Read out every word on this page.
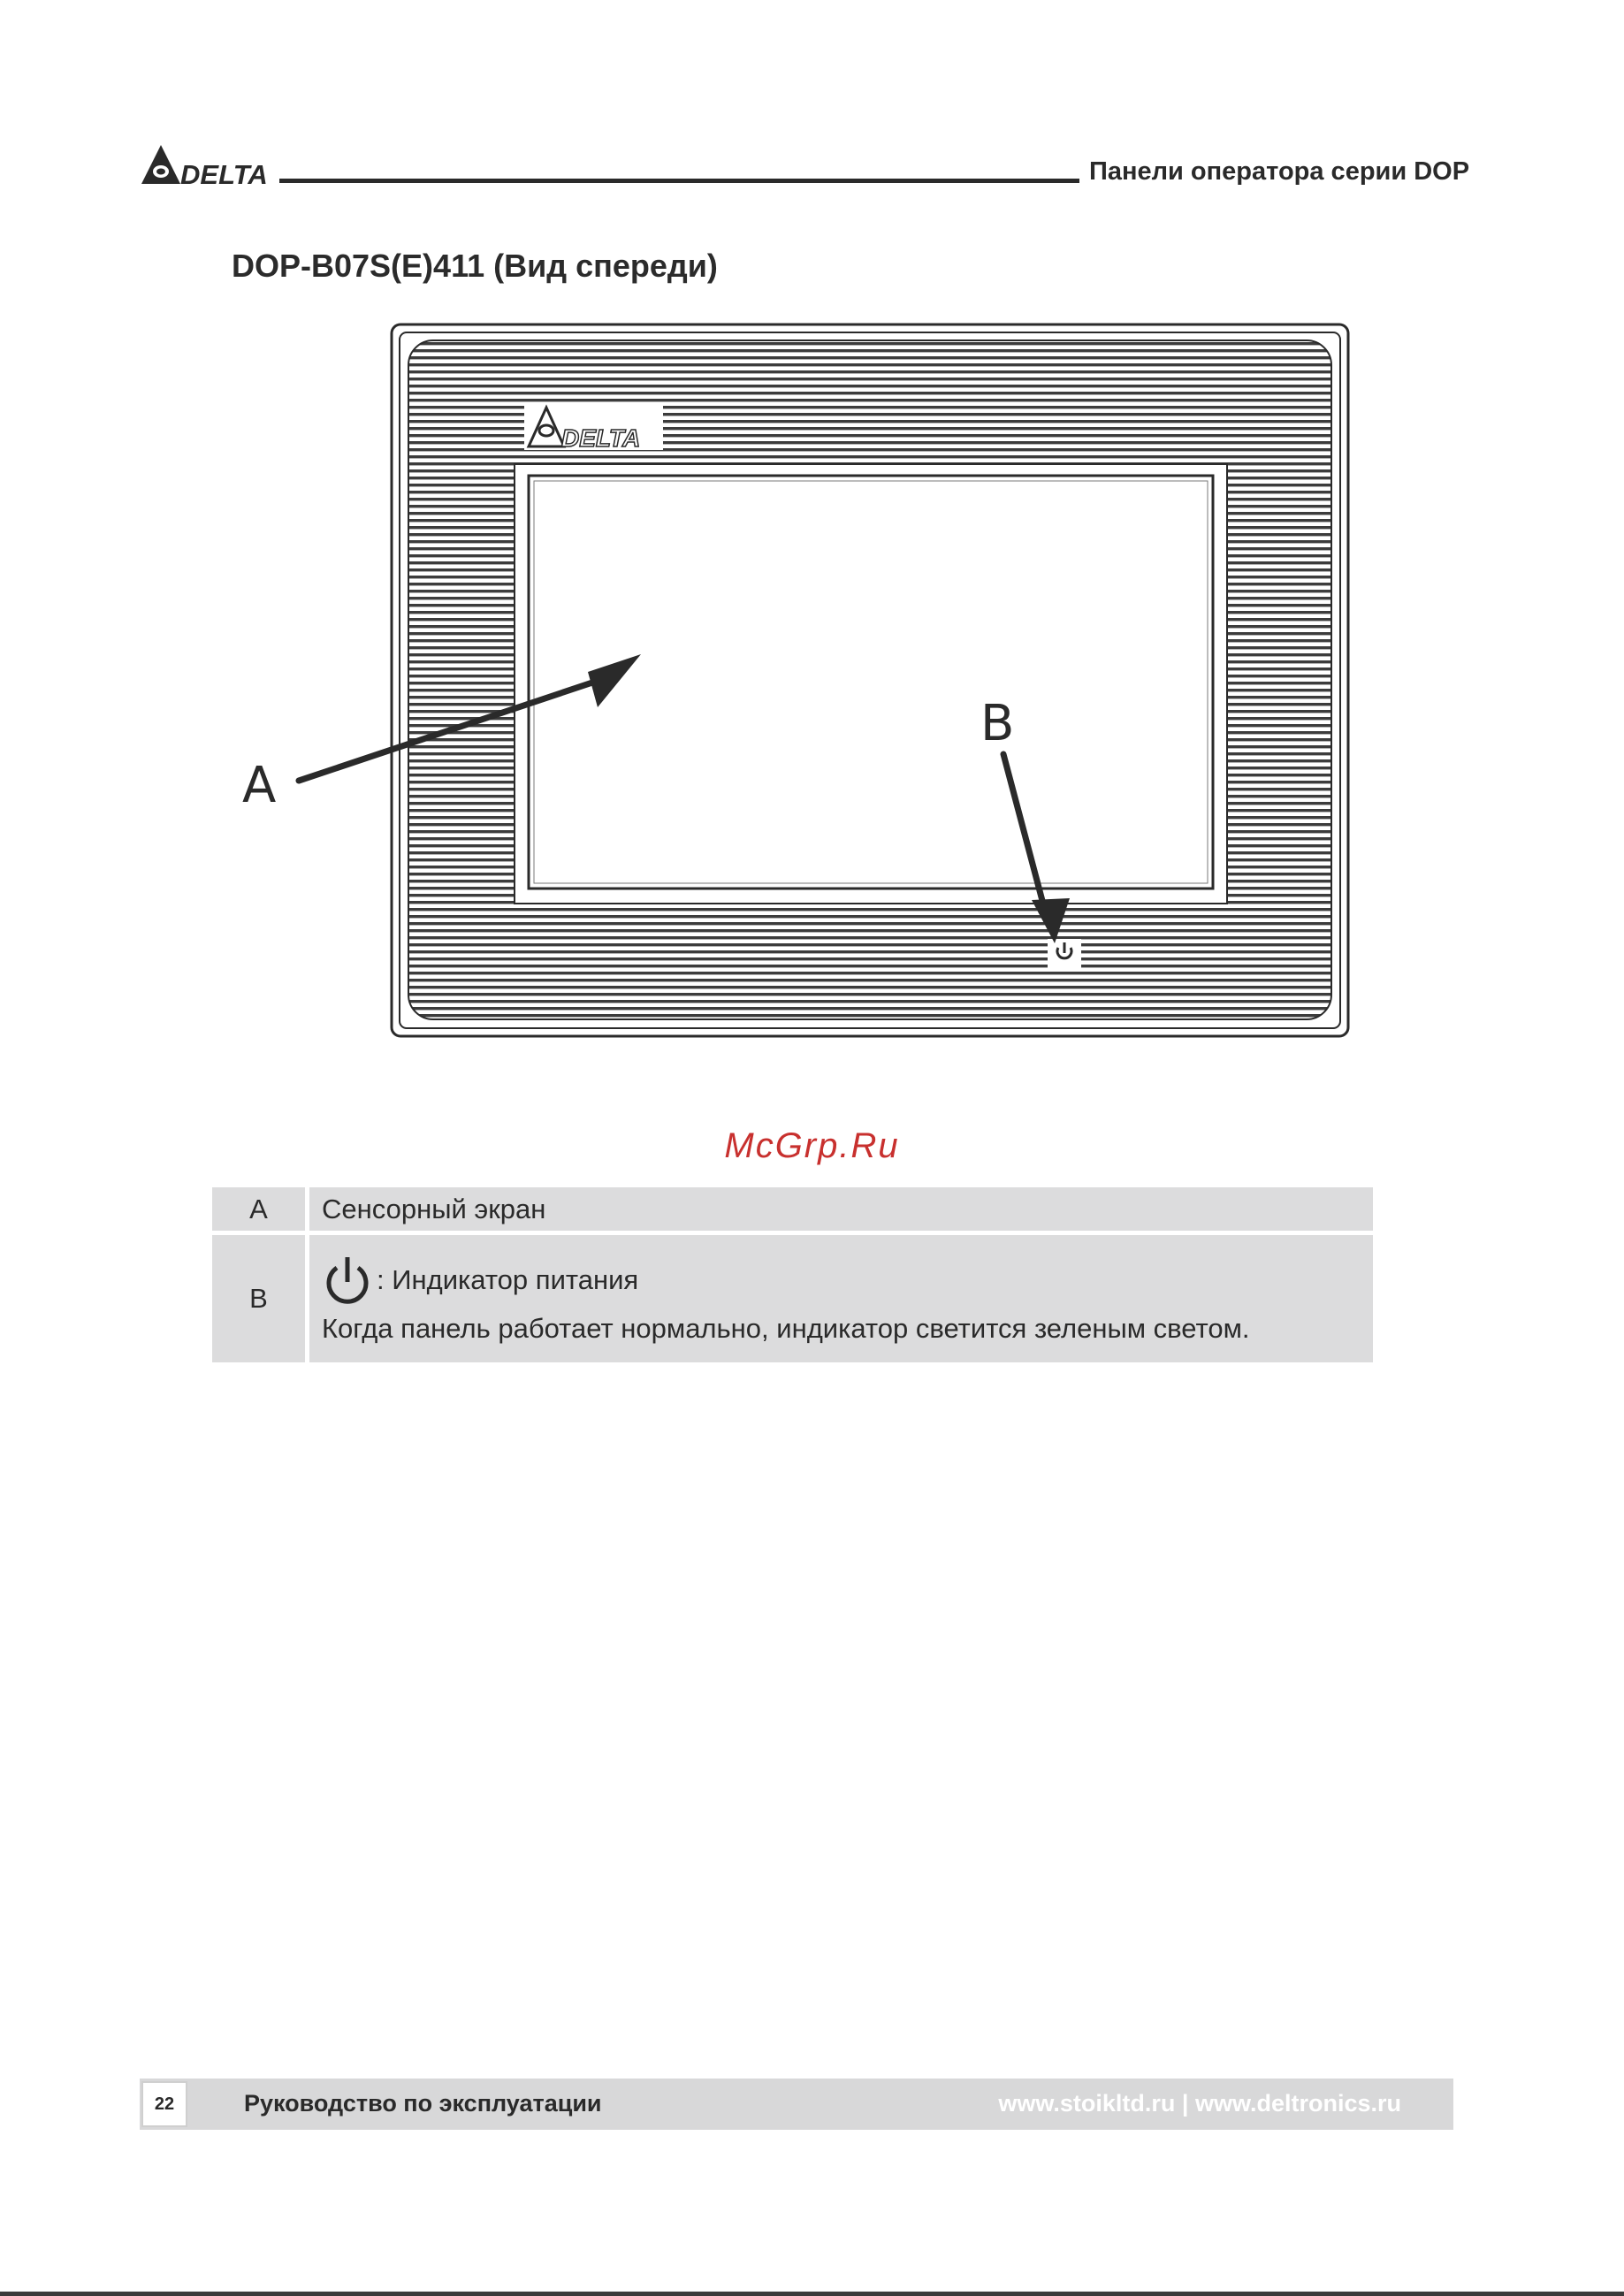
DELTA	Панели оператора серии DOP
DOP-B07S(E)411 (Вид спереди)
DELTA
A
B
McGrp.Ru
A	Сенсорный экран
B	: Индикатор питания
Когда панель работает нормально, индикатор светится зеленым светом.
22	Руководство по эксплуатации	www.stoikltd.ru | www.deltronics.ru
